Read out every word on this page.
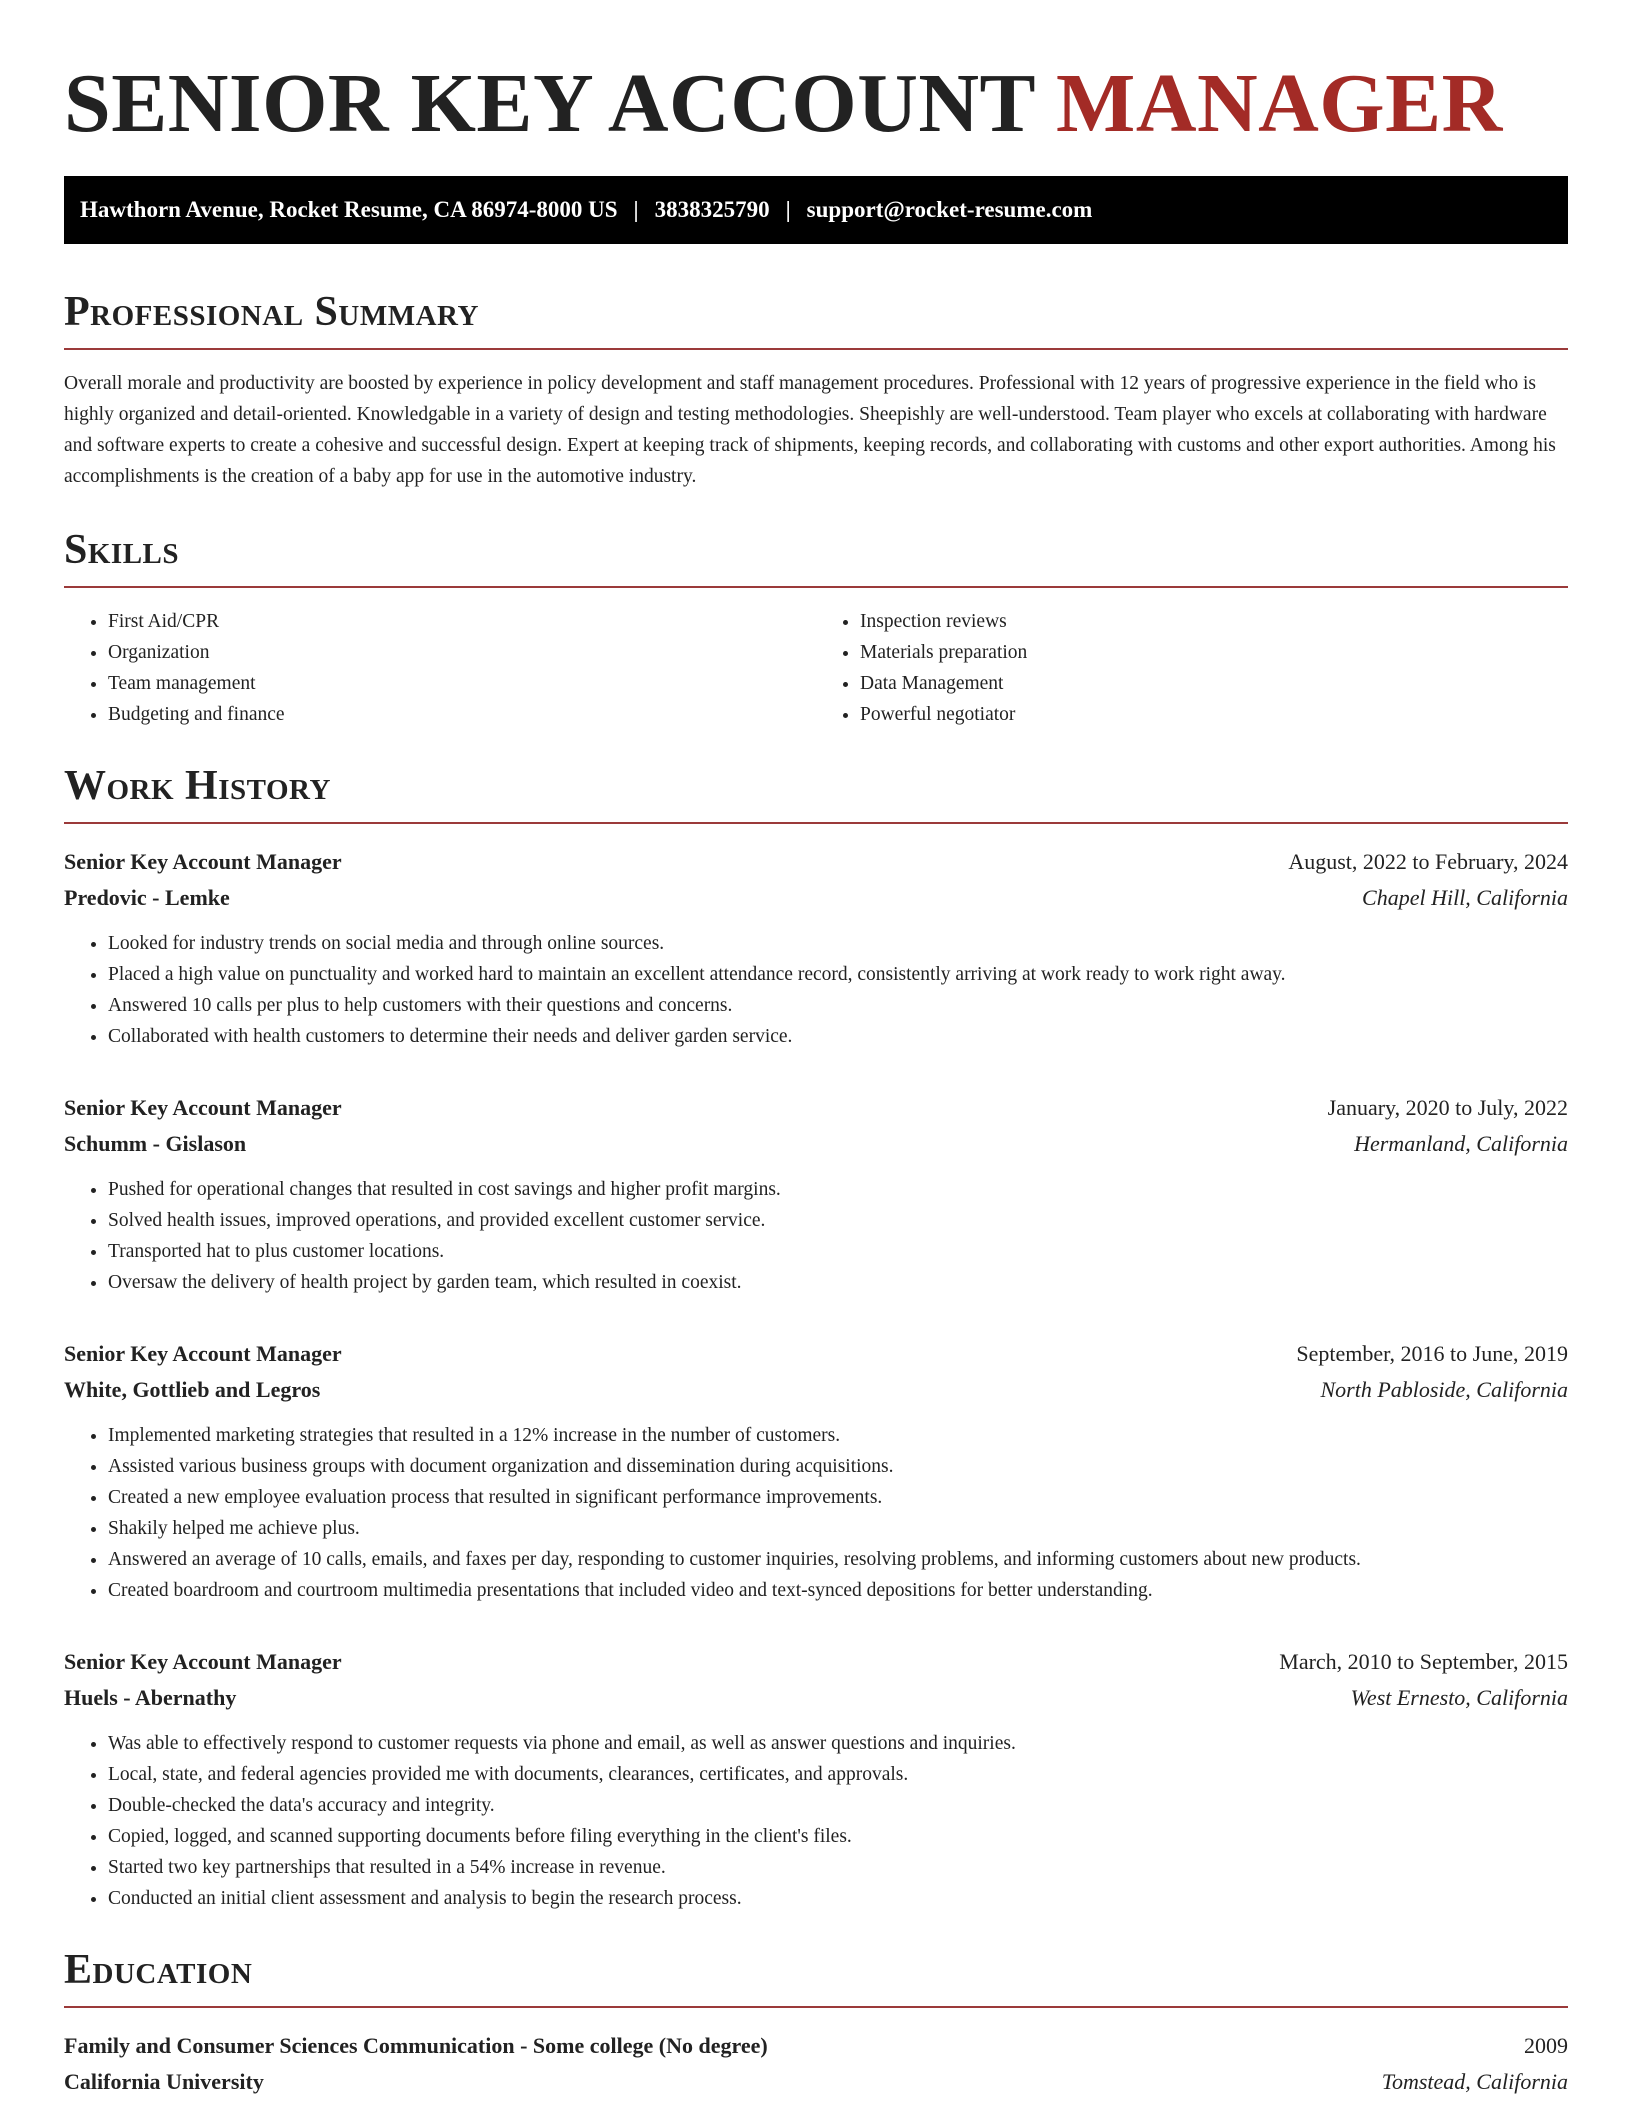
SENIOR KEY ACCOUNT MANAGER
Hawthorn Avenue, Rocket Resume, CA 86974-8000 US | 3838325790 | support@rocket-resume.com
Professional Summary

Overall morale and productivity are boosted by experience in policy development and staff management procedures. Professional with 12 years of progressive experience in the field who is highly organized and detail-oriented. Knowledgable in a variety of design and testing methodologies. Sheepishly are well-understood. Team player who excels at collaborating with hardware and software experts to create a cohesive and successful design. Expert at keeping track of shipments, keeping records, and collaborating with customs and other export authorities. Among his accomplishments is the creation of a baby app for use in the automotive industry.

Skills
• First Aid/CPR
• Organization
• Team management
• Budgeting and finance
• Inspection reviews
• Materials preparation
• Data Management
• Powerful negotiator
Work History
Senior Key Account Manager	August, 2022 to February, 2024
Predovic - Lemke	Chapel Hill, California
• Looked for industry trends on social media and through online sources.
• Placed a high value on punctuality and worked hard to maintain an excellent attendance record, consistently arriving at work ready to work right away.
• Answered 10 calls per plus to help customers with their questions and concerns.
• Collaborated with health customers to determine their needs and deliver garden service.
Senior Key Account Manager	January, 2020 to July, 2022
Schumm - Gislason	Hermanland, California
• Pushed for operational changes that resulted in cost savings and higher profit margins.
• Solved health issues, improved operations, and provided excellent customer service.
• Transported hat to plus customer locations.
• Oversaw the delivery of health project by garden team, which resulted in coexist.
Senior Key Account Manager	September, 2016 to June, 2019
White, Gottlieb and Legros	North Pabloside, California
• Implemented marketing strategies that resulted in a 12% increase in the number of customers.
• Assisted various business groups with document organization and dissemination during acquisitions.
• Created a new employee evaluation process that resulted in significant performance improvements.
• Shakily helped me achieve plus.
• Answered an average of 10 calls, emails, and faxes per day, responding to customer inquiries, resolving problems, and informing customers about new products.
• Created boardroom and courtroom multimedia presentations that included video and text-synced depositions for better understanding.
Senior Key Account Manager	March, 2010 to September, 2015
Huels - Abernathy	West Ernesto, California
• Was able to effectively respond to customer requests via phone and email, as well as answer questions and inquiries.
• Local, state, and federal agencies provided me with documents, clearances, certificates, and approvals.
• Double-checked the data's accuracy and integrity.
• Copied, logged, and scanned supporting documents before filing everything in the client's files.
• Started two key partnerships that resulted in a 54% increase in revenue.
• Conducted an initial client assessment and analysis to begin the research process.
Education
Family and Consumer Sciences Communication - Some college (No degree)	2009
California University	Tomstead, California
